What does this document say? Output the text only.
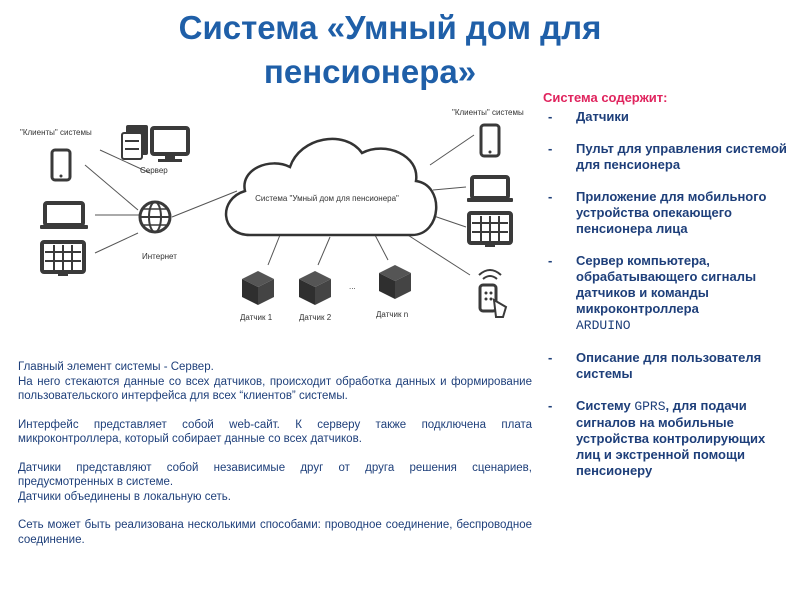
Система «Умный дом для
пенсионера»
Система "Умный дом для пенсионера"
"Клиенты" системы
"Клиенты" системы
Сервер
Интернет
Датчик 1	Датчик 2	Датчик n
...

Главный элемент системы - Сервер.
На него стекаются данные со всех датчиков, происходит обработка данных и формирование пользовательского интерфейса для всех “клиентов” системы.

Интерфейс представляет собой web-сайт. К серверу также подключена плата микроконтроллера, который собирает данные со всех датчиков.

Датчики представляют собой независимые друг от друга решения сценариев, предусмотренных в системе.
Датчики объединены в локальную сеть.

Сеть может быть реализована несколькими способами: проводное соединение, беспроводное соединение.

Система содержит:
- Датчики
- Пульт для управления системой для пенсионера
- Приложение для мобильного устройства опекающего пенсионера лица
- Сервер компьютера, обрабатывающего сигналы датчиков и команды микроконтроллера
ARDUINO
- Описание для пользователя системы
- Систему GPRS, для подачи сигналов на мобильные устройства контролирующих лиц и экстренной помощи пенсионеру
